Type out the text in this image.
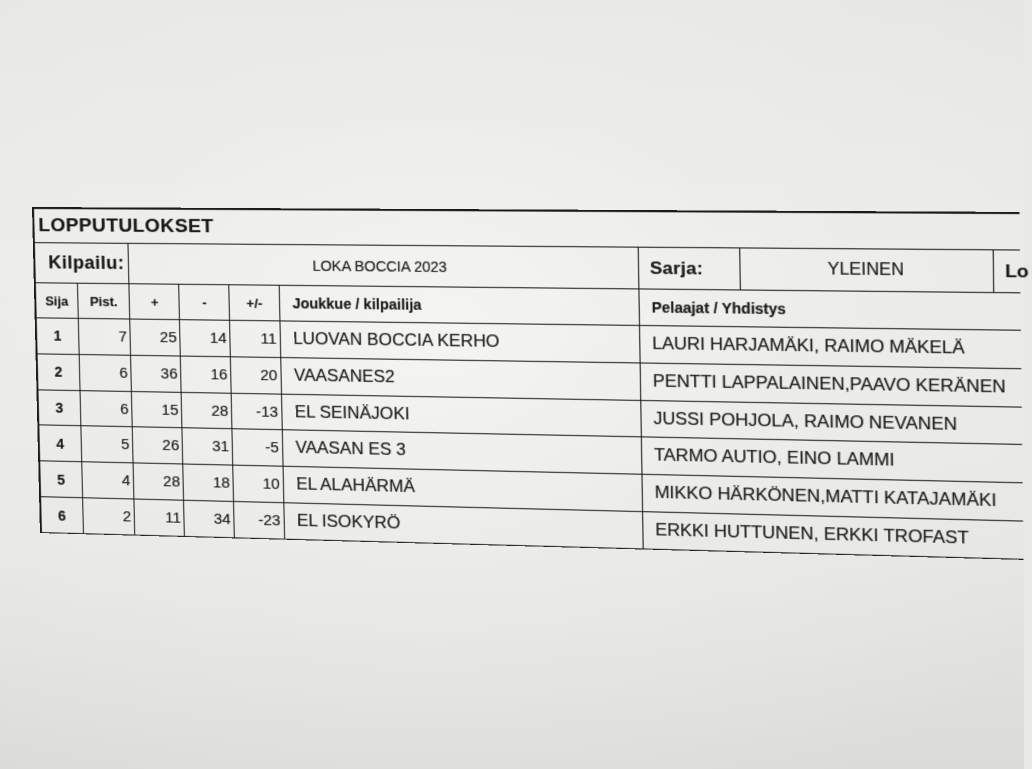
LOPPUTULOKSET
Kilpailu:	LOKA BOCCIA 2023	Sarja:	YLEINEN	Lo
Sija	Pist.	+	-	+/-	Joukkue / kilpailija	Pelaajat / Yhdistys
1	7	25	14	11 LUOVAN BOCCIA KERHO	LAURI HARJAMÄKI, RAIMO MÄKELÄ
2	6	36	16	20 VAASANES2	PENTTI LAPPALAINEN,PAAVO KERÄNEN
3	6	15	28	-13 EL SEINÄJOKI	JUSSI POHJOLA, RAIMO NEVANEN
4	5	26	31	-5 VAASAN ES 3	TARMO AUTIO, EINO LAMMI
5	4	28	18	10 EL ALAHÄRMÄ	MIKKO HÄRKÖNEN,MATTI KATAJAMÄKI
6	2	11	34	-23 EL ISOKYRÖ	ERKKI HUTTUNEN, ERKKI TROFAST
